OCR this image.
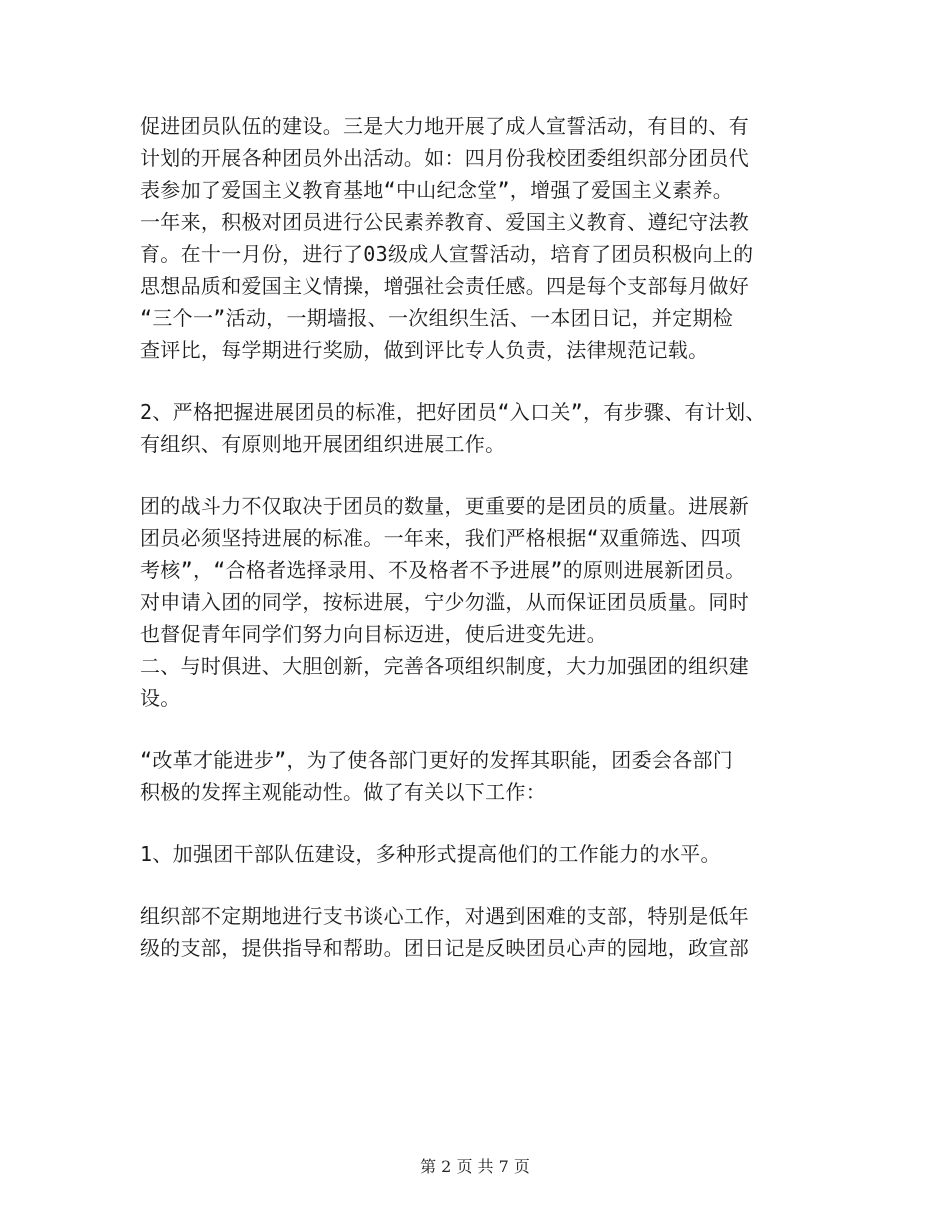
促进团员队伍的建设。三是大力地开展了成人宣誓活动，有目的、有
计划的开展各种团员外出活动。如：四月份我校团委组织部分团员代
表参加了爱国主义教育基地“中山纪念堂”，增强了爱国主义素养。
一年来，积极对团员进行公民素养教育、爱国主义教育、遵纪守法教
育。在十一月份，进行了03级成人宣誓活动，培育了团员积极向上的
思想品质和爱国主义情操，增强社会责任感。四是每个支部每月做好
“三个一”活动，一期墙报、一次组织生活、一本团日记，并定期检
查评比，每学期进行奖励，做到评比专人负责，法律规范记载。
2、严格把握进展团员的标准，把好团员“入口关”，有步骤、有计划、
有组织、有原则地开展团组织进展工作。
团的战斗力不仅取决于团员的数量，更重要的是团员的质量。进展新
团员必须坚持进展的标准。一年来，我们严格根据“双重筛选、四项
考核”，“合格者选择录用、不及格者不予进展”的原则进展新团员。
对申请入团的同学，按标进展，宁少勿滥，从而保证团员质量。同时
也督促青年同学们努力向目标迈进，使后进变先进。
二、与时俱进、大胆创新，完善各项组织制度，大力加强团的组织建
设。
“改革才能进步”，为了使各部门更好的发挥其职能，团委会各部门
积极的发挥主观能动性。做了有关以下工作：
1、加强团干部队伍建设，多种形式提高他们的工作能力的水平。
组织部不定期地进行支书谈心工作，对遇到困难的支部，特别是低年
级的支部，提供指导和帮助。团日记是反映团员心声的园地，政宣部
第 2 页 共 7 页
